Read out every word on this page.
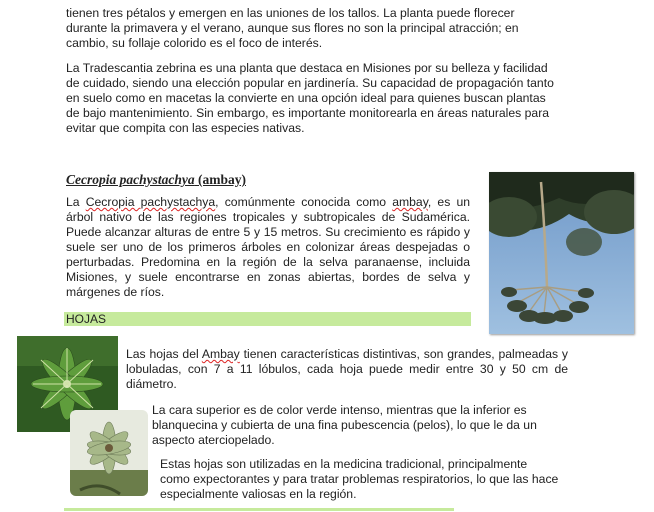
tienen tres pétalos y emergen en las uniones de los tallos. La planta puede florecer durante la primavera y el verano, aunque sus flores no son la principal atracción; en cambio, su follaje colorido es el foco de interés.

La Tradescantia zebrina es una planta que destaca en Misiones por su belleza y facilidad de cuidado, siendo una elección popular en jardinería. Su capacidad de propagación tanto en suelo como en macetas la convierte en una opción ideal para quienes buscan plantas de bajo mantenimiento. Sin embargo, es importante monitorearla en áreas naturales para evitar que compita con las especies nativas.

Cecropia pachystachya (ambay)

La Cecropia pachystachya, comúnmente conocida como ambay, es un árbol nativo de las regiones tropicales y subtropicales de Sudamérica. Puede alcanzar alturas de entre 5 y 15 metros. Su crecimiento es rápido y suele ser uno de los primeros árboles en colonizar áreas despejadas o perturbadas. Predomina en la región de la selva paranaense, incluida Misiones, y suele encontrarse en zonas abiertas, bordes de selva y márgenes de ríos.

HOJAS

Las hojas del Ambay tienen características distintivas, son grandes, palmeadas y lobuladas, con 7 a 11 lóbulos, cada hoja puede medir entre 30 y 50 cm de diámetro.

La cara superior es de color verde intenso, mientras que la inferior es blanquecina y cubierta de una fina pubescencia (pelos), lo que le da un aspecto aterciopelado.

Estas hojas son utilizadas en la medicina tradicional, principalmente como expectorantes y para tratar problemas respiratorios, lo que las hace especialmente valiosas en la región.
